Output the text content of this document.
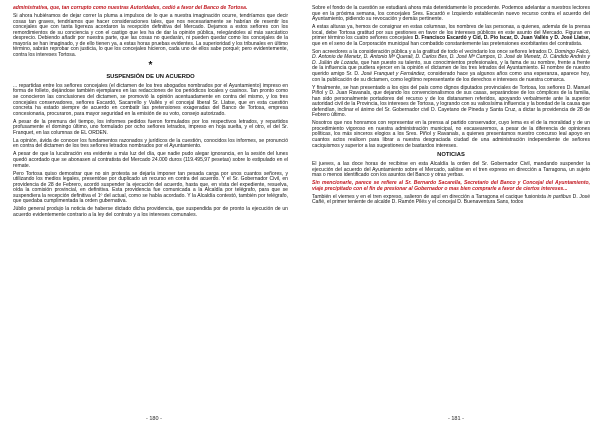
administrativa, que, tan corrupto como nuestras Autoridades, cedió a favor del Banco de Tortosa.

Si ahora hubiéramos de dejar correr la pluma a impulsos de lo que a nuestra imaginación ocurre, tendríamos que decir cosas tan graves, tendríamos que hacer consideraciones tales, que nos necesariamente se habrían de resentir los concejales que con tanta ligereza acordaron la recepción definitiva del Mercado. Dejamos a estos señores con los remordimientos de su conciencia y con el castigo que les ha de dar la opinión pública, relegándoles al más sarcástico desprecio. Debiendo añadir por nuestra parte, que las cosas no quedarán, ni pueden quedar como los concejales de la mayoría se han imaginado, y de ello tienen ya, a estas horas pruebas evidentes. La superioridad y los tribunales en último término, sabrán reprobar con justicia, lo que los concejales hicieron, cada uno de ellos sabe porqué; pero evidentemente, contra los intereses Tortosa.

*
SUSPENSIÓN DE UN ACUERDO

... repartidas entre los señores concejales (el dictamen de los tres abogados nombrados por el Ayuntamiento) impreso en forma de folleto, dejándose también ejemplares en las redacciones de los periódicos locales y casinos. Tan pronto como se conocieron las conclusiones del dictamen, se promovió la opinión acentuadamente en contra del mismo, y los tres concejales conservadores, señores Escardó, Sacarrello y Vallés y el concejal liberal Sr. Llatse, que en esta cuestión concreta ha estado siempre de acuerdo en combatir las pretensiones exageradas del Banco de Tortosa, empresa concesionaria, procuraron, para mayor seguridad en la emisión de su voto, consejo autorizado.

A pesar de la premura del tiempo, los informes pedidos fueron formulados por los respectivos letrados, y repartidos profusamente el domingo último, uno formulado por ocho señores letrados, impreso en hoja suelta, y el otro, el del Sr. Franquet, en las columnas de EL ORDEN.

La opinión, ávida de conocer los fundamentos razonados y jurídicos de la cuestión, conocidos los informes, se pronunció en contra del dictamen de los tres señores letrados nombrados por el Ayuntamiento.

A pesar de que la lucubración era evidente a más luz del día, que nadie pudo alegar ignorancia, en la sesión del lunes quedó acordado que se abonasen al contratista del Mercado 24.000 duros (119.495,97 pesetas) sobre lo estipulado en el remate.

Pero Tortosa quiso demostrar que no sin protesta se dejaría imponer tan pesada carga por unos cuantos señores, y utilizando los medios legales, presentóse por duplicado un recurso en contra del acuerdo. Y el Sr. Gobernador Civil, en providencia de 28 de Febrero, acordó suspender la ejecución del acuerdo, hasta que, en vista del expediente, resuelva, oída la comisión provincial, en definitiva. Esta providencia fue comunicada a la Alcaldía por telégrafo, para que se suspendiera la recepción definitiva el 1º del actual, como se había acordado. Y la Alcaldía contestó, también por telégrafo, que quedaba cumplimentada la orden gubernativa.

Júbilo general produjo la noticia de haberse dictado dicha providencia, que suspendida por de pronto la ejecución de un acuerdo evidentemente contrario a la ley del contrato y a los intereses comunales.

- 180 -

Sobre el fondo de la cuestión se estudiará ahora más detenidamente lo procedente. Podemos adelantar a nuestros lectores que en la próxima semana, los concejales Sres. Escardó e Izquierdo establecerán nuevo recurso contra el acuerdo del Ayuntamiento, pidiendo su revocación y demás pertinente.

A estas alturas ya, hemos de consignar en estas columnas, los nombres de las personas, a quienes, además de la prensa local, debe Tortosa gratitud por sus gestiones en favor de los intereses públicos en este asunto del Mercado. Figuran en primer término los cuatro señores concejales D. Francisco Escardó y Cid, D. Pio Iscar, D. Juan Vallés y D. José Llatse, que en el seno de la Corporación municipal han combatido constantemente las pretensiones exorbitantes del contratista.

Son acreedores a la consideración pública y a la gratitud de todo el vecindario los once señores letrados D. Domingo Falcó, D. Antonio de Menetz, D. Antonio Mª Querali, D. Carlos Bes, D. José Mª Campos, D. José de Menetz, D. Cándido Andrés y D. Julián de Lozada, que han puesto su talento, sus conocimientos profesionales, y la fama de su nombre, frente a frente de la influencia que pudiera ejercer en la opinión el dictamen de los tres letrados del Ayuntamiento. El nombre de nuestro querido amigo Sr. D. José Franquet y Fernández, considerado hace ya algunos años como una esperanza, aparece hoy, con la publicación de su dictamen, como legítimo representante de los derechos e intereses de nuestra comarca.

Y finalmente, se han presentado a los ojos del país como dignos diputados provinciales de Tortosa, los señores D. Manuel Piñol y D. Juan Ravanals, que dejando los convencionalismos de sus casas, separándose de los cómplices de la familia, han sido personalmente portadores del recurso y de los distanamen referidos, apoyando verbalmente ante la superior autoridad civil de la Provincia, los intereses de Tortosa, y logrando con su valiosísima influencia y la bondad de la causa que defendían, inclinar el ánimo del Sr. Gobernador civil D. Cayetano de Pineda y Santa Cruz, a dictar la providencia de 28 de Febrero último.

Nosotros que nos honramos con representar en la prensa al partido conservador, cuyo lema es el de la moralidad y de un procedimiento vigoroso en nuestra administración municipal, no escasearemos, a pesar de la diferencia de opiniones políticas, los más sinceros elogios a los Sres. Piñol y Ravanals, a quienes presentamos nuestro concurso leal apoyo en cuantos actos realicen para librar a nuestra desgraciada ciudad de una administración independiente de señores caciquismos y superior a las sugestiones de bastardos intereses.

NOTICIAS

El jueves, a las doce horas de recibirse en esta Alcaldía la orden del Sr. Gobernador Civil, mandando suspender la ejecución del acuerdo del Ayuntamiento sobre el Mercado, salióse en el tren expreso en dirección a Tarragona, un sujeto mas o menos identificado con los asuntos del Banco y otras yerbas.

Sin mencionarle, parece se refiere al Sr. Bernardo Sacarella, Secretario del Banco y Concejal del Ayuntamiento, viaje precipitado con el fin de presionar al Gobernador o mas bien comprarle a favor de ciertos intereses...

También el viernes y en el tren expreso, salieron de aquí en dirección a Tarragona el cacique fusionista in partibus D. José Cañé, el primer teniente de alcalde D. Ramón Pilés y el concejal D. Buenaventura Sans, todos

- 181 -
